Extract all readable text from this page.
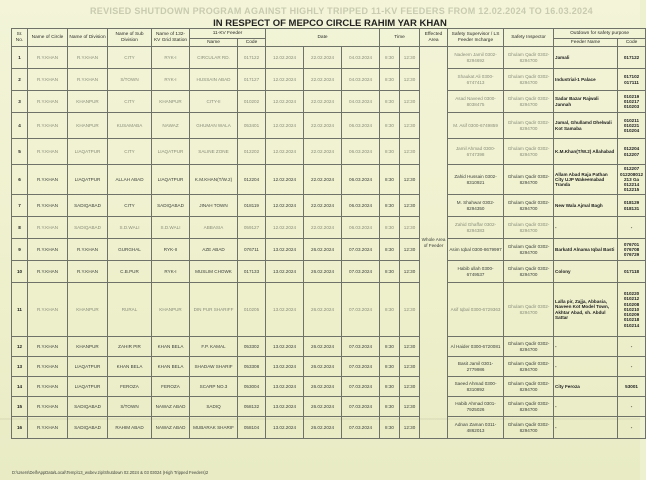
REVISED SHUTDOWN PROGRAM AGAINST HIGHLY TRIPPED 11-KV FEEDERS FROM 12.02.2024 TO 16.03.2024
IN RESPECT OF MEPCO CIRCLE RAHIM YAR KHAN
Sr. No.	Name of Circle	Name of Division	Name of Sub Division	Name of 132-KV Grid Station	11-KV Feeder		Date			Time		Effected Area	Safety Supervisor / LS Feeder Incharge	Safety Inspector	Outdown for safety purpose	
					Name	Code									Feeder Name	Code
1	R.Y.KHAN	R.Y.KHAN	CITY	RYK-I	CIRCULAR RD.	017122	12.02.2024	22.02.2024	04.03.2024	8:30	12:30	Whole Area of Feeder	Nadeem Jamil 0302-8294692	Ghulam Qadir 0302-8294700	Jamali	017122
2	R.Y.KHAN	R.Y.KHAN	S/TOWN	RYK-I	HUSSAIN ABAD	017127	12.02.2024	22.02.2024	04.03.2024	8:30	12:30		Shaukat Ali 0300-6747413	Ghulam Qadir 0302-8294700	Industrial-1 Palace	017102 017111
3	R.Y.KHAN	KHANPUR	CITY	KHANPUR	CITY-II	010202	12.02.2024	22.02.2024	04.03.2024	8:30	12:30		Asad Naveed 0300-8038475	Ghulam Qadir 0302-8294700	Sadar Bazar Rajwali Jannah	010219 010217 010203
4	R.Y.KHAN	KHANPUR	KUSAMABA	NAWAZ	GHUMAN WALA	053401	12.02.2024	22.02.2024	06.03.2024	8:30	12:30		M. Asif 0300-6749859	Ghulam Qadir 0302-8294700	Jamal, Ghullamd Dhelwali Kot Samaba	010211 010221 010204
5	R.Y.KHAN	LIAQATPUR	CITY	LIAQATPUR	SALINE ZONE	012202	12.02.2024	22.02.2024	06.03.2024	8:30	12:30		Jamil Ahmad 0300-6747398	Ghulam Qadir 0302-8294700	K.M.Khan(T/W.2) Allahabad	012204 012207
6	R.Y.KHAN	LIAQATPUR	ALLAH ABAD	LIAQATPUR	K.M.KHAN(T/W.2)	012204	12.02.2024	22.02.2024	06.03.2024	8:30	12:30		Zahid Hussain 0302-8310921	Ghulam Qadir 0302-8294700	Allam Abad Raja Pathan City UJP Wakeemabad Tranda	012207 012208012213 Ga 012214 012215
7	R.Y.KHAN	SADIQABAD	CITY	SADIQABAD	JINAH TOWN	018119	12.02.2024	22.02.2024	06.03.2024	8:30	12:30		M. Shahwar 0302-8294350	Ghulam Qadir 0302-8294700	New Wala Ajmal Bagh	018129 018131
8	R.Y.KHAN	SADIQABAD	S.D.WALI	S.D.WALI	ABBASIA	059127	12.02.2024	22.02.2024	06.03.2024	8:30	12:30		Zahid Ghaffar 0302-8294383	Ghulam Qadir 0302-8294700	-	-
9	R.Y.KHAN	R.Y.KHAN	GURGHAL	RYK-II	AZE ABAD	076711	13.02.2024	26.02.2024	07.03.2024	8:30	12:30		Asim Iqbal 0300-8679997	Ghulam Qadir 0302-8294700	Barkatd Alnama Iqbal Basti	076701 076708 076729
10	R.Y.KHAN	R.Y.KHAN	C.B.PUR	RYK-I	MUSLIM CHOWK	017133	13.02.2024	26.02.2024	07.03.2024	8:30	12:30		Habib ullah 0300-6749537	Ghulam Qadir 0302-8294700	Colony	017118
11	R.Y.KHAN	KHANPUR	RURAL	KHANPUR	DIN PUR SHARIFF	010205	13.02.2024	26.02.2024	07.03.2024	8:30	12:30		Asif Iqbal 0300-6729363	Ghulam Qadir 0302-8294700	Lalla pir, Zajja, Abbasia, Naveen Kot Model Town, Akhtar Abad, sh. Abdul Sattar	010220 010212 010208 010210 010209 010218 010214
12	R.Y.KHAN	KHANPUR	ZAHIR PIR	KHAN BELA	F.P. KAMAL	053302	13.02.2024	26.02.2024	07.03.2024	8:30	12:30		Al Haider 0300-6720081	Ghulam Qadir 0302-8294700	-	-
13	R.Y.KHAN	LIAQATPUR	KHAN BELA	KHAN BELA	SHADAW SHARIF	053308	13.02.2024	26.02.2024	07.03.2024	8:30	12:30		Basit Jamil 0301-2779986	Ghulam Qadir 0302-8294700	-	-
14	R.Y.KHAN	LIAQATPUR	FEROZA	FEROZA	SCARP NO.3	053004	13.02.2024	26.02.2024	07.03.2024	8:30	12:30		Saeed Ahmad 0300-8310892	Ghulam Qadir 0302-8294700	City Feroza	53001
15	R.Y.KHAN	SADIQABAD	S/TOWN	NAWAZ ABAD	SADIQ	058132	13.02.2024	26.02.2024	07.03.2024	8:30	12:30		Habib Ahmad 0301-7925026	Ghulam Qadir 0302-8294700	-	-
16	R.Y.KHAN	SADIQABAD	RAHIM ABAD	NAWAZ ABAD	MUBARAK SHARIF	058104	13.02.2024	26.02.2024	07.03.2024	8:30	12:30		Adnan Zaman 0311-4862013	Ghulam Qadir 0302-8294700	-	-
D:\Users\Dell\AppData\Local\Temp\13_wxbev.zip\Shutdown 02.2024 & 03 03024 (High Tripped Feeders)2
